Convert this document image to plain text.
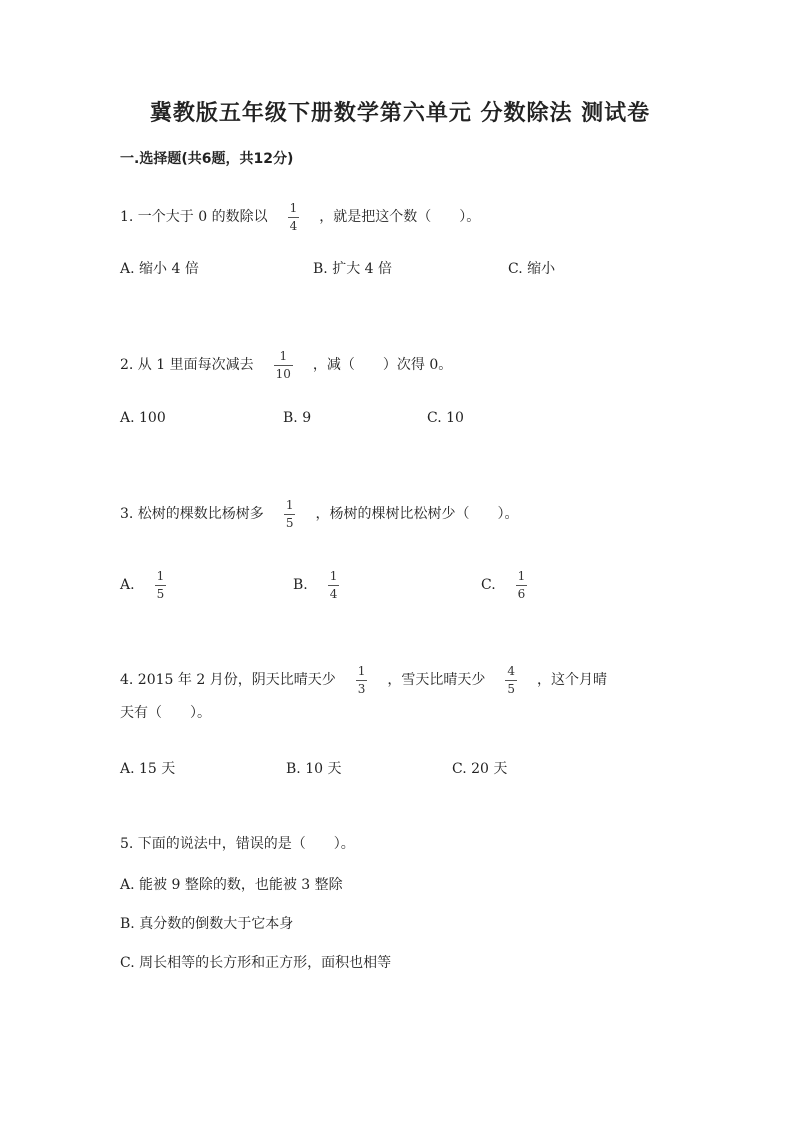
冀教版五年级下册数学第六单元 分数除法 测试卷
一.选择题(共6题，共12分)
1. 一个大于 0 的数除以 $\frac{1}{4}$ ，就是把这个数（　　）。
A. 缩小 4 倍	B. 扩大 4 倍	C. 缩小
2. 从 1 里面每次减去 $\frac{1}{10}$ ，减（　　）次得 0。
A. 100	B. 9	C. 10
3. 松树的棵数比杨树多 $\frac{1}{5}$ ，杨树的棵树比松树少（　　）。
A. $\frac{1}{5}$	B. $\frac{1}{4}$	C. $\frac{1}{6}$
4. 2015 年 2 月份，阴天比晴天少 $\frac{1}{3}$ ，雪天比晴天少 $\frac{4}{5}$ ，这个月晴
天有（　　）。
A. 15 天	B. 10 天	C. 20 天
5. 下面的说法中，错误的是（　　）。
A. 能被 9 整除的数，也能被 3 整除
B. 真分数的倒数大于它本身
C. 周长相等的长方形和正方形，面积也相等
